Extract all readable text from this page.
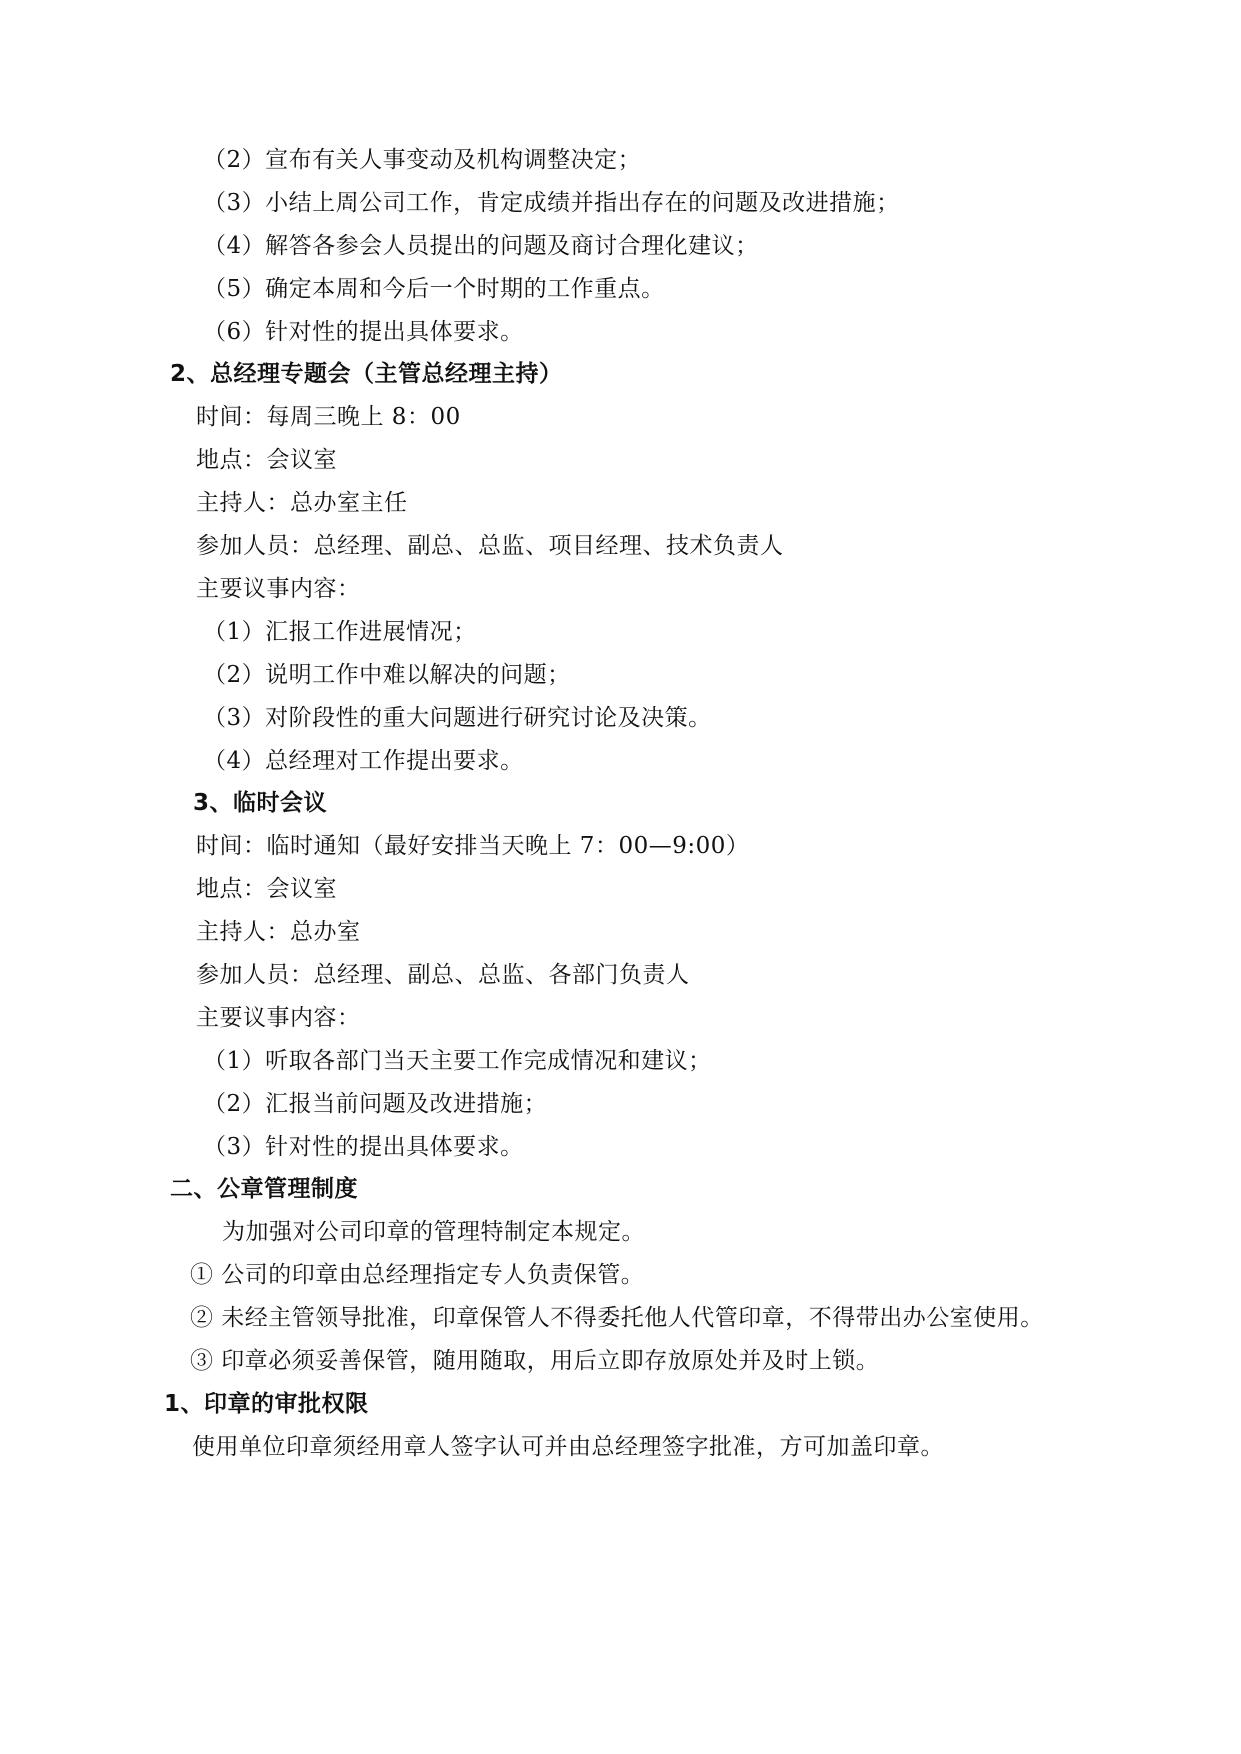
（2）宣布有关人事变动及机构调整决定；
（3）小结上周公司工作，肯定成绩并指出存在的问题及改进措施；
（4）解答各参会人员提出的问题及商讨合理化建议；
（5）确定本周和今后一个时期的工作重点。
（6）针对性的提出具体要求。
2、总经理专题会（主管总经理主持）
时间：每周三晚上 8：00
地点：会议室
主持人：总办室主任
参加人员：总经理、副总、总监、项目经理、技术负责人
主要议事内容：
（1）汇报工作进展情况；
（2）说明工作中难以解决的问题；
（3）对阶段性的重大问题进行研究讨论及决策。
（4）总经理对工作提出要求。
3、临时会议
时间：临时通知（最好安排当天晚上 7：00—9:00）
地点：会议室
主持人：总办室
参加人员：总经理、副总、总监、各部门负责人
主要议事内容：
（1）听取各部门当天主要工作完成情况和建议；
（2）汇报当前问题及改进措施；
（3）针对性的提出具体要求。
二、公章管理制度
为加强对公司印章的管理特制定本规定。
① 公司的印章由总经理指定专人负责保管。
② 未经主管领导批准，印章保管人不得委托他人代管印章，不得带出办公室使用。
③ 印章必须妥善保管，随用随取，用后立即存放原处并及时上锁。
1、印章的审批权限
使用单位印章须经用章人签字认可并由总经理签字批准，方可加盖印章。
